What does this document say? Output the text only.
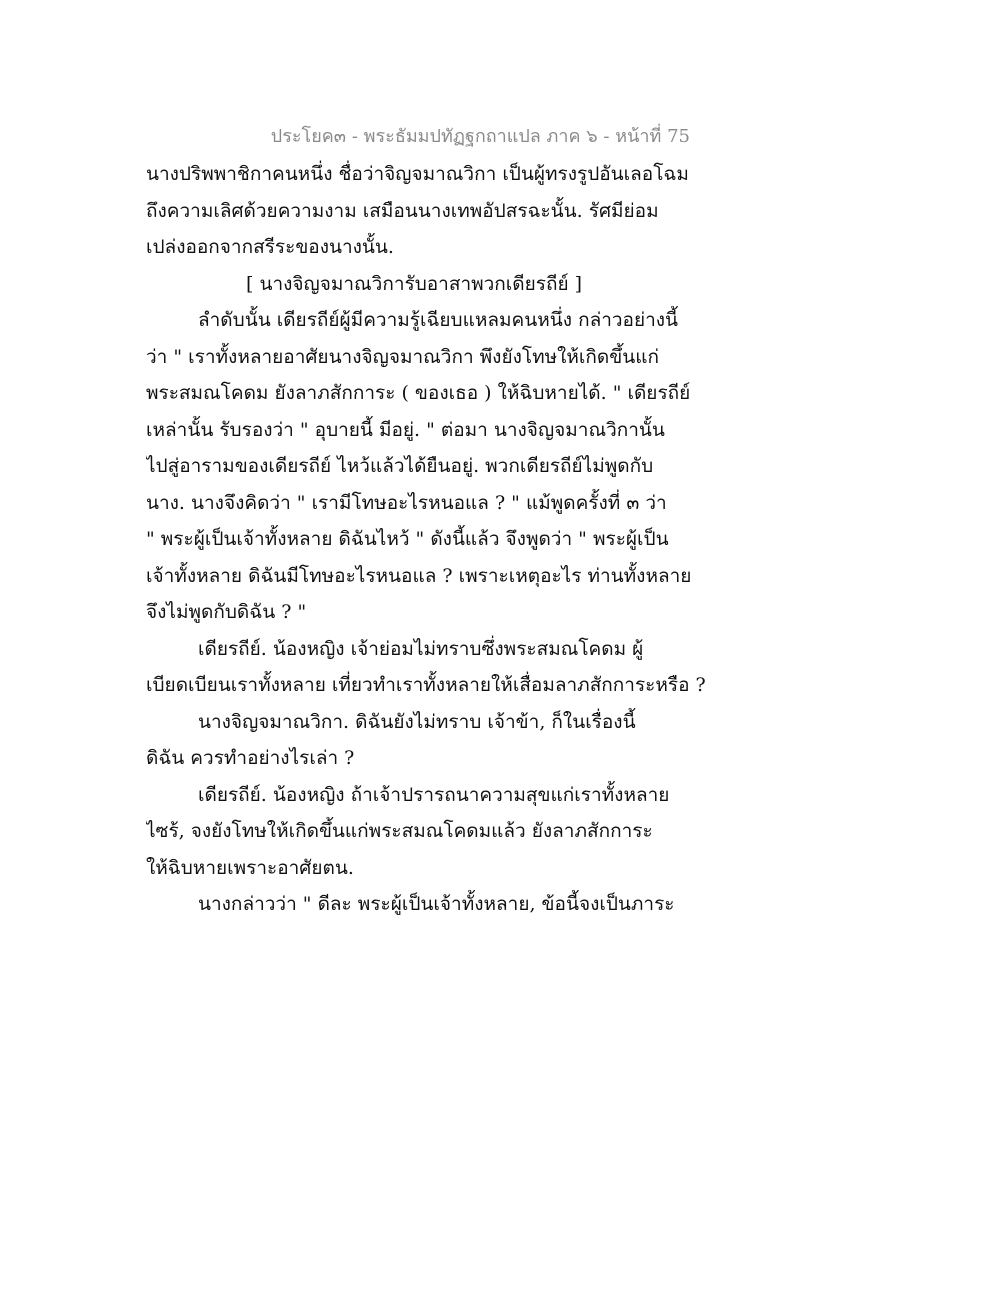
ประโยค๓ - พระธัมมปทัฏฐกถาแปล ภาค ๖ - หน้าที่ 75
นางปริพพาชิกาคนหนึ่ง ชื่อว่าจิญจมาณวิกา เป็นผู้ทรงรูปอันเลอโฉม
ถึงความเลิศด้วยความงาม เสมือนนางเทพอัปสรฉะนั้น. รัศมีย่อม
เปล่งออกจากสรีระของนางนั้น.
[ นางจิญจมาณวิการับอาสาพวกเดียรถีย์ ]
ลำดับนั้น เดียรถีย์ผู้มีความรู้เฉียบแหลมคนหนึ่ง กล่าวอย่างนี้
ว่า " เราทั้งหลายอาศัยนางจิญจมาณวิกา พึงยังโทษให้เกิดขึ้นแก่
พระสมณโคดม ยังลาภสักการะ ( ของเธอ ) ให้ฉิบหายได้. " เดียรถีย์
เหล่านั้น รับรองว่า " อุบายนี้ มีอยู่. " ต่อมา นางจิญจมาณวิกานั้น
ไปสู่อารามของเดียรถีย์ ไหว้แล้วได้ยืนอยู่. พวกเดียรถีย์ไม่พูดกับ
นาง. นางจึงคิดว่า " เรามีโทษอะไรหนอแล ? " แม้พูดครั้งที่ ๓ ว่า
" พระผู้เป็นเจ้าทั้งหลาย ดิฉันไหว้ " ดังนี้แล้ว จึงพูดว่า " พระผู้เป็น
เจ้าทั้งหลาย ดิฉันมีโทษอะไรหนอแล ? เพราะเหตุอะไร ท่านทั้งหลาย
จึงไม่พูดกับดิฉัน ? "
เดียรถีย์. น้องหญิง เจ้าย่อมไม่ทราบซึ่งพระสมณโคดม ผู้
เบียดเบียนเราทั้งหลาย เที่ยวทำเราทั้งหลายให้เสื่อมลาภสักการะหรือ ?
นางจิญจมาณวิกา. ดิฉันยังไม่ทราบ เจ้าข้า, ก็ในเรื่องนี้
ดิฉัน ควรทำอย่างไรเล่า ?
เดียรถีย์. น้องหญิง ถ้าเจ้าปรารถนาความสุขแก่เราทั้งหลาย
ไซร้, จงยังโทษให้เกิดขึ้นแก่พระสมณโคดมแล้ว ยังลาภสักการะ
ให้ฉิบหายเพราะอาศัยตน.
นางกล่าวว่า " ดีละ พระผู้เป็นเจ้าทั้งหลาย, ข้อนี้จงเป็นภาระ
